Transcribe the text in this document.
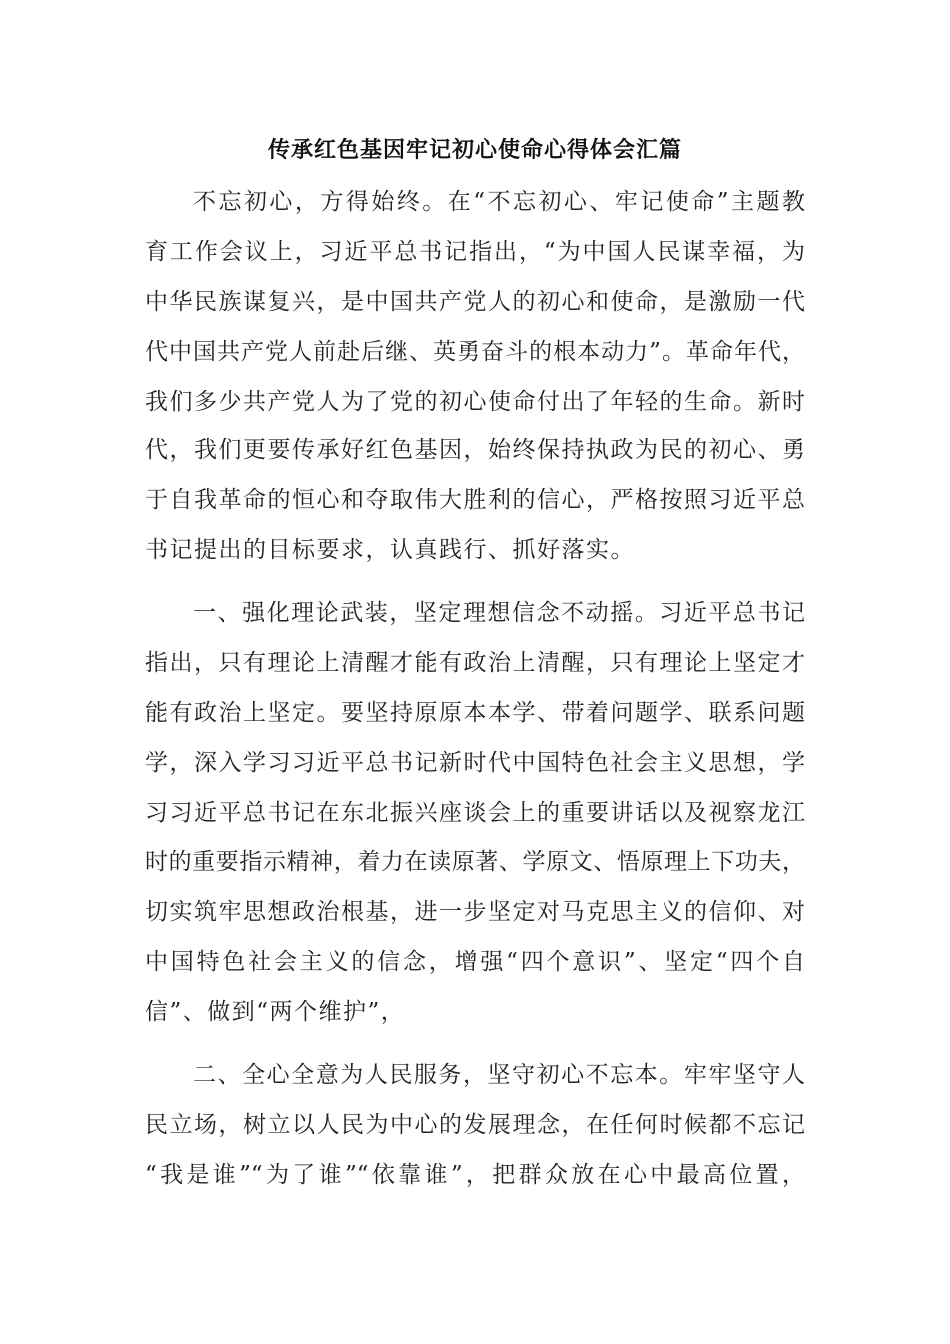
传承红色基因牢记初心使命心得体会汇篇

不忘初心，方得始终。在“不忘初心、牢记使命”主题教

育工作会议上，习近平总书记指出，“为中国人民谋幸福，为

中华民族谋复兴，是中国共产党人的初心和使命，是激励一代

代中国共产党人前赴后继、英勇奋斗的根本动力”。革命年代，

我们多少共产党人为了党的初心使命付出了年轻的生命。新时

代，我们更要传承好红色基因，始终保持执政为民的初心、勇

于自我革命的恒心和夺取伟大胜利的信心，严格按照习近平总

书记提出的目标要求，认真践行、抓好落实。

一、强化理论武装，坚定理想信念不动摇。习近平总书记

指出，只有理论上清醒才能有政治上清醒，只有理论上坚定才

能有政治上坚定。要坚持原原本本学、带着问题学、联系问题

学，深入学习习近平总书记新时代中国特色社会主义思想，学

习习近平总书记在东北振兴座谈会上的重要讲话以及视察龙江

时的重要指示精神，着力在读原著、学原文、悟原理上下功夫，

切实筑牢思想政治根基，进一步坚定对马克思主义的信仰、对

中国特色社会主义的信念，增强“四个意识”、坚定“四个自

信”、做到“两个维护”，

二、全心全意为人民服务，坚守初心不忘本。牢牢坚守人

民立场，树立以人民为中心的发展理念，在任何时候都不忘记

“我是谁”“为了谁”“依靠谁”，把群众放在心中最高位置，
